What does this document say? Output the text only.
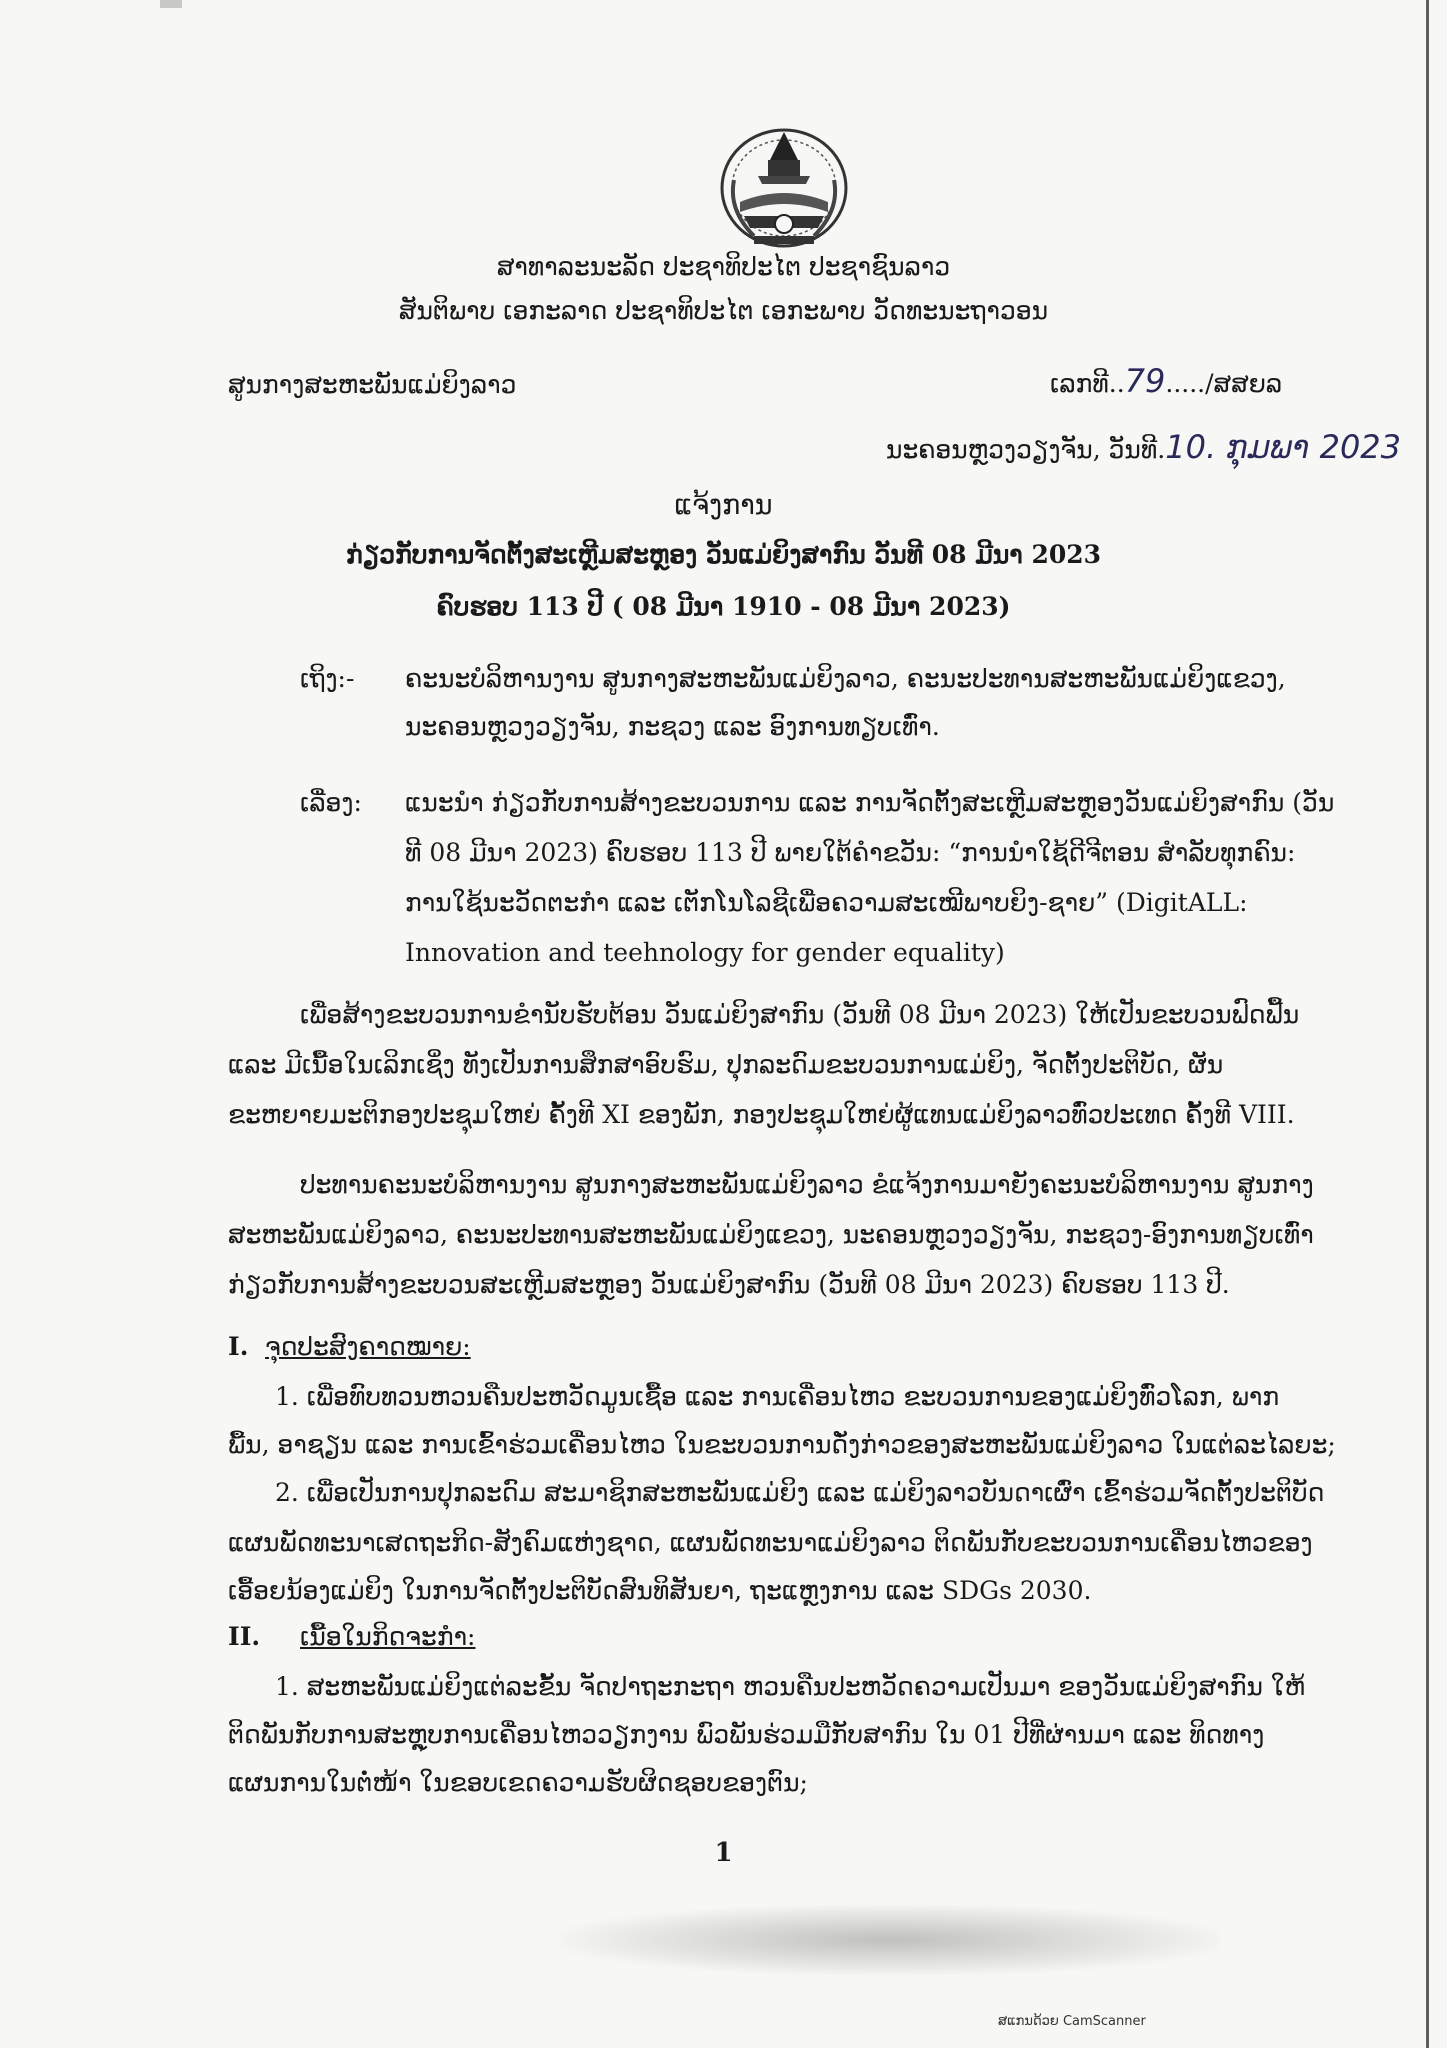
ສາທາລະນະລັດ ປະຊາທິປະໄຕ ປະຊາຊົນລາວ
ສັນຕິພາບ ເອກະລາດ ປະຊາທິປະໄຕ ເອກະພາບ ວັດທະນະຖາວອນ
ສູນກາງສະຫະພັນແມ່ຍິງລາວ	ເລກທີ..79...../ສສຍລ
ນະຄອນຫຼວງວຽງຈັນ, ວັນທີ.10. ກຸມພາ 2023
ແຈ້ງການ
ກ່ຽວກັບການຈັດຕັ້ງສະເຫຼີມສະຫຼອງ ວັນແມ່ຍິງສາກົນ ວັນທີ 08 ມີນາ 2023
ຄົບຮອບ 113 ປີ ( 08 ມີນາ 1910 - 08 ມີນາ 2023)
ເຖິງ:- ຄະນະບໍລິຫານງານ ສູນກາງສະຫະພັນແມ່ຍິງລາວ, ຄະນະປະທານສະຫະພັນແມ່ຍິງແຂວງ,
ນະຄອນຫຼວງວຽງຈັນ, ກະຊວງ ແລະ ອົງການທຽບເທົ່າ.
ເລື່ອງ: ແນະນຳ ກ່ຽວກັບການສ້າງຂະບວນການ ແລະ ການຈັດຕັ້ງສະເຫຼີມສະຫຼອງວັນແມ່ຍິງສາກົນ (ວັນ
ທີ 08 ມີນາ 2023) ຄົບຮອບ 113 ປີ ພາຍໃຕ້ຄຳຂວັນ: “ການນຳໃຊ້ດີຈີຕອນ ສຳລັບທຸກຄົນ:
ການໃຊ້ນະວັດຕະກຳ ແລະ ເຕັກໂນໂລຊີເພື່ອຄວາມສະເໝີພາບຍິງ-ຊາຍ” (DigitALL:
Innovation and teehnology for gender equality)
ເພື່ອສ້າງຂະບວນການຂໍານັບຮັບຕ້ອນ ວັນແມ່ຍິງສາກົນ (ວັນທີ 08 ມີນາ 2023) ໃຫ້ເປັນຂະບວນຟົດຟື້ນ
ແລະ ມີເນື້ອໃນເລິກເຊິ່ງ ທັງເປັນການສຶກສາອົບຮົມ, ປຸກລະດົມຂະບວນການແມ່ຍິງ, ຈັດຕັ້ງປະຕິບັດ, ຜັນ
ຂະຫຍາຍມະຕິກອງປະຊຸມໃຫຍ່ ຄັ້ງທີ XI ຂອງພັກ, ກອງປະຊຸມໃຫຍ່ຜູ້ແທນແມ່ຍິງລາວທົ່ວປະເທດ ຄັ້ງທີ VIII.
ປະທານຄະນະບໍລິຫານງານ ສູນກາງສະຫະພັນແມ່ຍິງລາວ ຂໍແຈ້ງການມາຍັງຄະນະບໍລິຫານງານ ສູນກາງ
ສະຫະພັນແມ່ຍິງລາວ, ຄະນະປະທານສະຫະພັນແມ່ຍິງແຂວງ, ນະຄອນຫຼວງວຽງຈັນ, ກະຊວງ-ອົງການທຽບເທົ່າ
ກ່ຽວກັບການສ້າງຂະບວນສະເຫຼີມສະຫຼອງ ວັນແມ່ຍິງສາກົນ (ວັນທີ 08 ມີນາ 2023) ຄົບຮອບ 113 ປີ.
I. ຈຸດປະສົງຄາດໝາຍ:
1. ເພື່ອທົບທວນຫວນຄືນປະຫວັດມູນເຊື້ອ ແລະ ການເຄື່ອນໄຫວ ຂະບວນການຂອງແມ່ຍິງທົ່ວໂລກ, ພາກ
ພື້ນ, ອາຊຽນ ແລະ ການເຂົ້າຮ່ວມເຄື່ອນໄຫວ ໃນຂະບວນການດັ່ງກ່າວຂອງສະຫະພັນແມ່ຍິງລາວ ໃນແຕ່ລະໄລຍະ;
2. ເພື່ອເປັນການປຸກລະດົມ ສະມາຊິກສະຫະພັນແມ່ຍິງ ແລະ ແມ່ຍິງລາວບັນດາເຜົ່າ ເຂົ້າຮ່ວມຈັດຕັ້ງປະຕິບັດ
ແຜນພັດທະນາເສດຖະກິດ-ສັງຄົມແຫ່ງຊາດ, ແຜນພັດທະນາແມ່ຍິງລາວ ຕິດພັນກັບຂະບວນການເຄື່ອນໄຫວຂອງ
ເອື້ອຍນ້ອງແມ່ຍິງ ໃນການຈັດຕັ້ງປະຕິບັດສົນທິສັນຍາ, ຖະແຫຼງການ ແລະ SDGs 2030.
II. ເນື້ອໃນກິດຈະກຳ:
1. ສະຫະພັນແມ່ຍິງແຕ່ລະຂັ້ນ ຈັດປາຖະກະຖາ ຫວນຄືນປະຫວັດຄວາມເປັນມາ ຂອງວັນແມ່ຍິງສາກົນ ໃຫ້
ຕິດພັນກັບການສະຫຼຸບການເຄື່ອນໄຫວວຽກງານ ພົວພັນຮ່ວມມືກັບສາກົນ ໃນ 01 ປີທີ່ຜ່ານມາ ແລະ ທິດທາງ
ແຜນການໃນຕໍ່ໜ້າ ໃນຂອບເຂດຄວາມຮັບຜິດຊອບຂອງຕົນ;
1
ສແກນດ້ວຍ CamScanner
